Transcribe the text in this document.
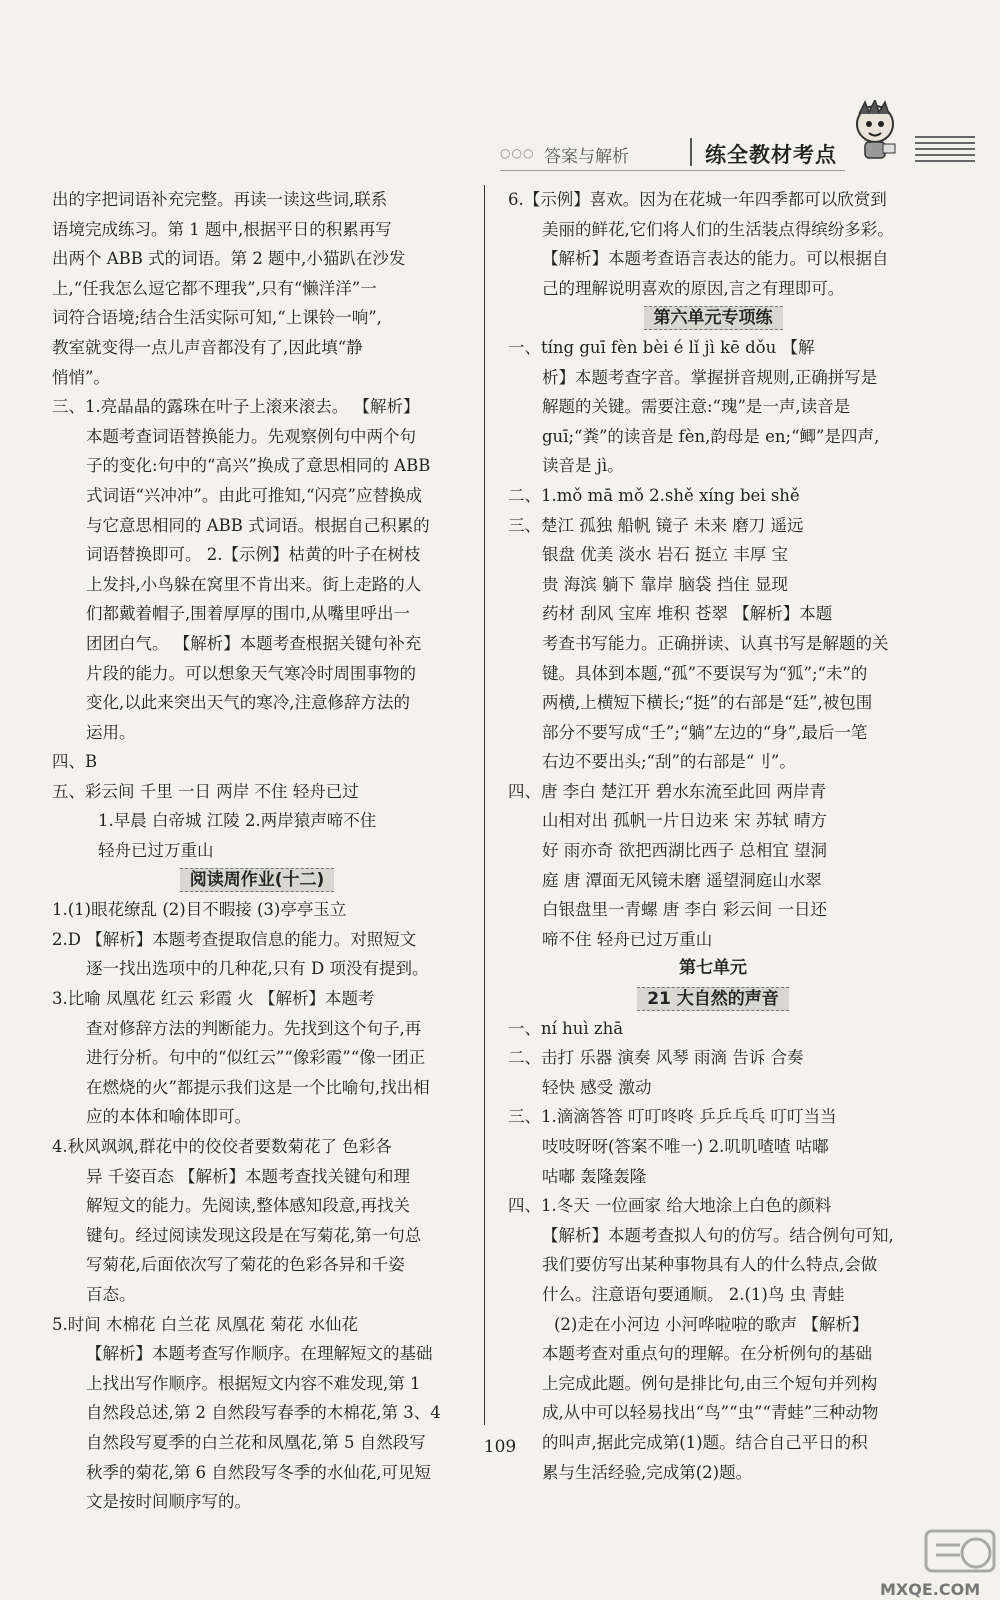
○○○ 答案与解析	练全教材考点
出的字把词语补充完整。再读一读这些词,联系
语境完成练习。第 1 题中,根据平日的积累再写
出两个 ABB 式的词语。第 2 题中,小猫趴在沙发
上,“任我怎么逗它都不理我”,只有“懒洋洋”一
词符合语境;结合生活实际可知,“上课铃一响”,
教室就变得一点儿声音都没有了,因此填“静
悄悄”。
三、1.亮晶晶的露珠在叶子上滚来滚去。 【解析】
本题考查词语替换能力。先观察例句中两个句
子的变化:句中的“高兴”换成了意思相同的 ABB
式词语“兴冲冲”。由此可推知,“闪亮”应替换成
与它意思相同的 ABB 式词语。根据自己积累的
词语替换即可。 2.【示例】枯黄的叶子在树枝
上发抖,小鸟躲在窝里不肯出来。街上走路的人
们都戴着帽子,围着厚厚的围巾,从嘴里呼出一
团团白气。 【解析】本题考查根据关键句补充
片段的能力。可以想象天气寒冷时周围事物的
变化,以此来突出天气的寒冷,注意修辞方法的
运用。
四、B
五、彩云间 千里 一日 两岸 不住 轻舟已过
1.早晨 白帝城 江陵 2.两岸猿声啼不住
轻舟已过万重山
阅读周作业(十二)
1.(1)眼花缭乱 (2)目不暇接 (3)亭亭玉立
2.D 【解析】本题考查提取信息的能力。对照短文
逐一找出选项中的几种花,只有 D 项没有提到。
3.比喻 凤凰花 红云 彩霞 火 【解析】本题考
查对修辞方法的判断能力。先找到这个句子,再
进行分析。句中的“似红云”“像彩霞”“像一团正
在燃烧的火”都提示我们这是一个比喻句,找出相
应的本体和喻体即可。
4.秋风飒飒,群花中的佼佼者要数菊花了 色彩各
异 千姿百态 【解析】本题考查找关键句和理
解短文的能力。先阅读,整体感知段意,再找关
键句。经过阅读发现这段是在写菊花,第一句总
写菊花,后面依次写了菊花的色彩各异和千姿
百态。
5.时间 木棉花 白兰花 凤凰花 菊花 水仙花
【解析】本题考查写作顺序。在理解短文的基础
上找出写作顺序。根据短文内容不难发现,第 1
自然段总述,第 2 自然段写春季的木棉花,第 3、4
自然段写夏季的白兰花和凤凰花,第 5 自然段写
秋季的菊花,第 6 自然段写冬季的水仙花,可见短
文是按时间顺序写的。
6.【示例】喜欢。因为在花城一年四季都可以欣赏到
美丽的鲜花,它们将人们的生活装点得缤纷多彩。
【解析】本题考查语言表达的能力。可以根据自
己的理解说明喜欢的原因,言之有理即可。
第六单元专项练
一、tíng guī fèn bèi é lǐ jì kē dǒu 【解
析】本题考查字音。掌握拼音规则,正确拼写是
解题的关键。需要注意:“瑰”是一声,读音是
guī;“粪”的读音是 fèn,韵母是 en;“鲫”是四声,
读音是 jì。
二、1.mǒ mā mǒ 2.shě xíng bei shě
三、楚江 孤独 船帆 镜子 未来 磨刀 遥远
银盘 优美 淡水 岩石 挺立 丰厚 宝
贵 海滨 躺下 靠岸 脑袋 挡住 显现
药材 刮风 宝库 堆积 苍翠 【解析】本题
考查书写能力。正确拼读、认真书写是解题的关
键。具体到本题,“孤”不要误写为“狐”;“未”的
两横,上横短下横长;“挺”的右部是“廷”,被包围
部分不要写成“壬”;“躺”左边的“身”,最后一笔
右边不要出头;“刮”的右部是“刂”。
四、唐 李白 楚江开 碧水东流至此回 两岸青
山相对出 孤帆一片日边来 宋 苏轼 晴方
好 雨亦奇 欲把西湖比西子 总相宜 望洞
庭 唐 潭面无风镜未磨 遥望洞庭山水翠
白银盘里一青螺 唐 李白 彩云间 一日还
啼不住 轻舟已过万重山
第七单元
21 大自然的声音
一、ní huì zhā
二、击打 乐器 演奏 风琴 雨滴 告诉 合奏
轻快 感受 激动
三、1.滴滴答答 叮叮咚咚 乒乒乓乓 叮叮当当
吱吱呀呀(答案不唯一) 2.叽叽喳喳 咕嘟
咕嘟 轰隆轰隆
四、1.冬天 一位画家 给大地涂上白色的颜料
【解析】本题考查拟人句的仿写。结合例句可知,
我们要仿写出某种事物具有人的什么特点,会做
什么。注意语句要通顺。 2.(1)鸟 虫 青蛙
(2)走在小河边 小河哗啦啦的歌声 【解析】
本题考查对重点句的理解。在分析例句的基础
上完成此题。例句是排比句,由三个短句并列构
成,从中可以轻易找出“鸟”“虫”“青蛙”三种动物
的叫声,据此完成第(1)题。结合自己平日的积
累与生活经验,完成第(2)题。
109
MXQE.COM
